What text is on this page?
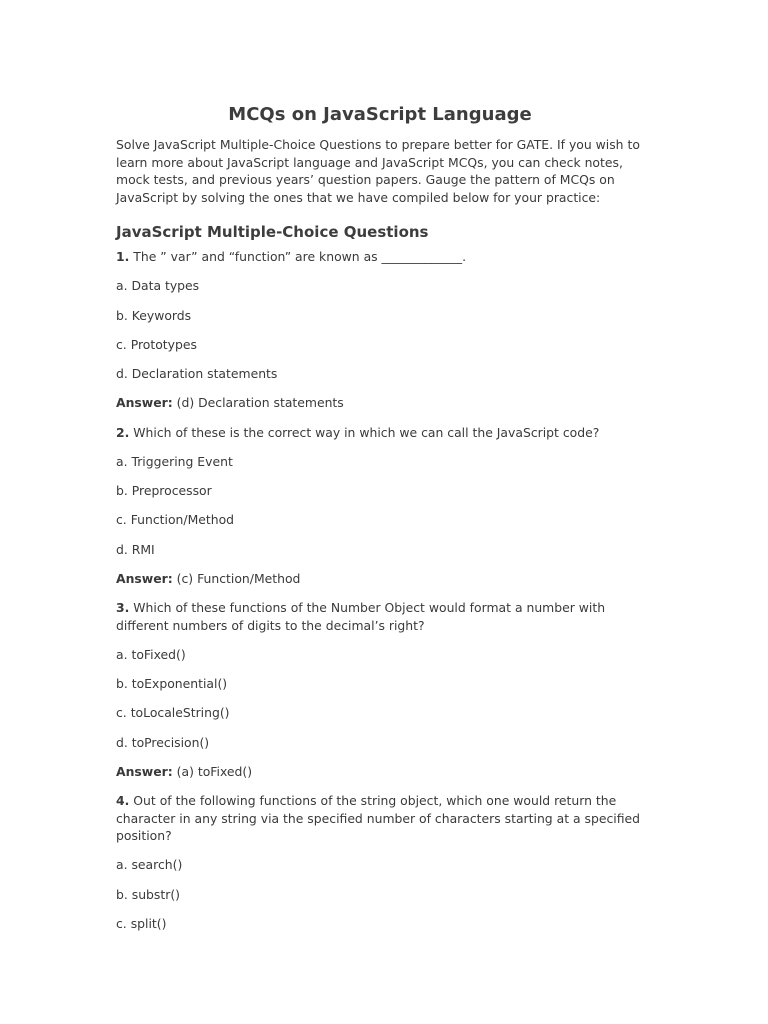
MCQs on JavaScript Language

Solve JavaScript Multiple-Choice Questions to prepare better for GATE. If you wish to learn more about JavaScript language and JavaScript MCQs, you can check notes, mock tests, and previous years’ question papers. Gauge the pattern of MCQs on JavaScript by solving the ones that we have compiled below for your practice:

JavaScript Multiple-Choice Questions

1. The ” var” and “function” are known as _____________.

a. Data types

b. Keywords

c. Prototypes

d. Declaration statements

Answer: (d) Declaration statements

2. Which of these is the correct way in which we can call the JavaScript code?

a. Triggering Event

b. Preprocessor

c. Function/Method

d. RMI

Answer: (c) Function/Method

3. Which of these functions of the Number Object would format a number with different numbers of digits to the decimal’s right?

a. toFixed()

b. toExponential()

c. toLocaleString()

d. toPrecision()

Answer: (a) toFixed()

4. Out of the following functions of the string object, which one would return the character in any string via the specified number of characters starting at a specified position?

a. search()

b. substr()

c. split()
